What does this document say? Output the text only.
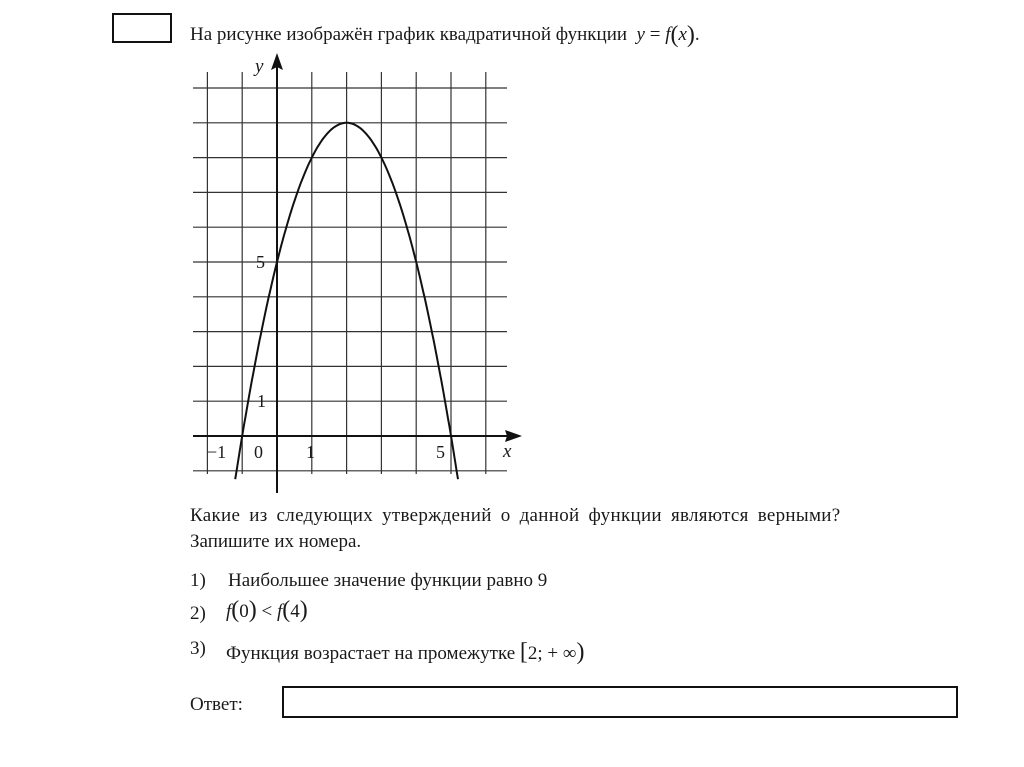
На рисунке изображён график квадратичной функции y = f(x).
y
x
−1 0 1	5
1
5
Какие из следующих утверждений о данной функции являются верными?
Запишите их номера.
1) Наибольшее значение функции равно 9
2) f(0) < f(4)
3) Функция возрастает на промежутке [2; + ∞)
Ответ:
